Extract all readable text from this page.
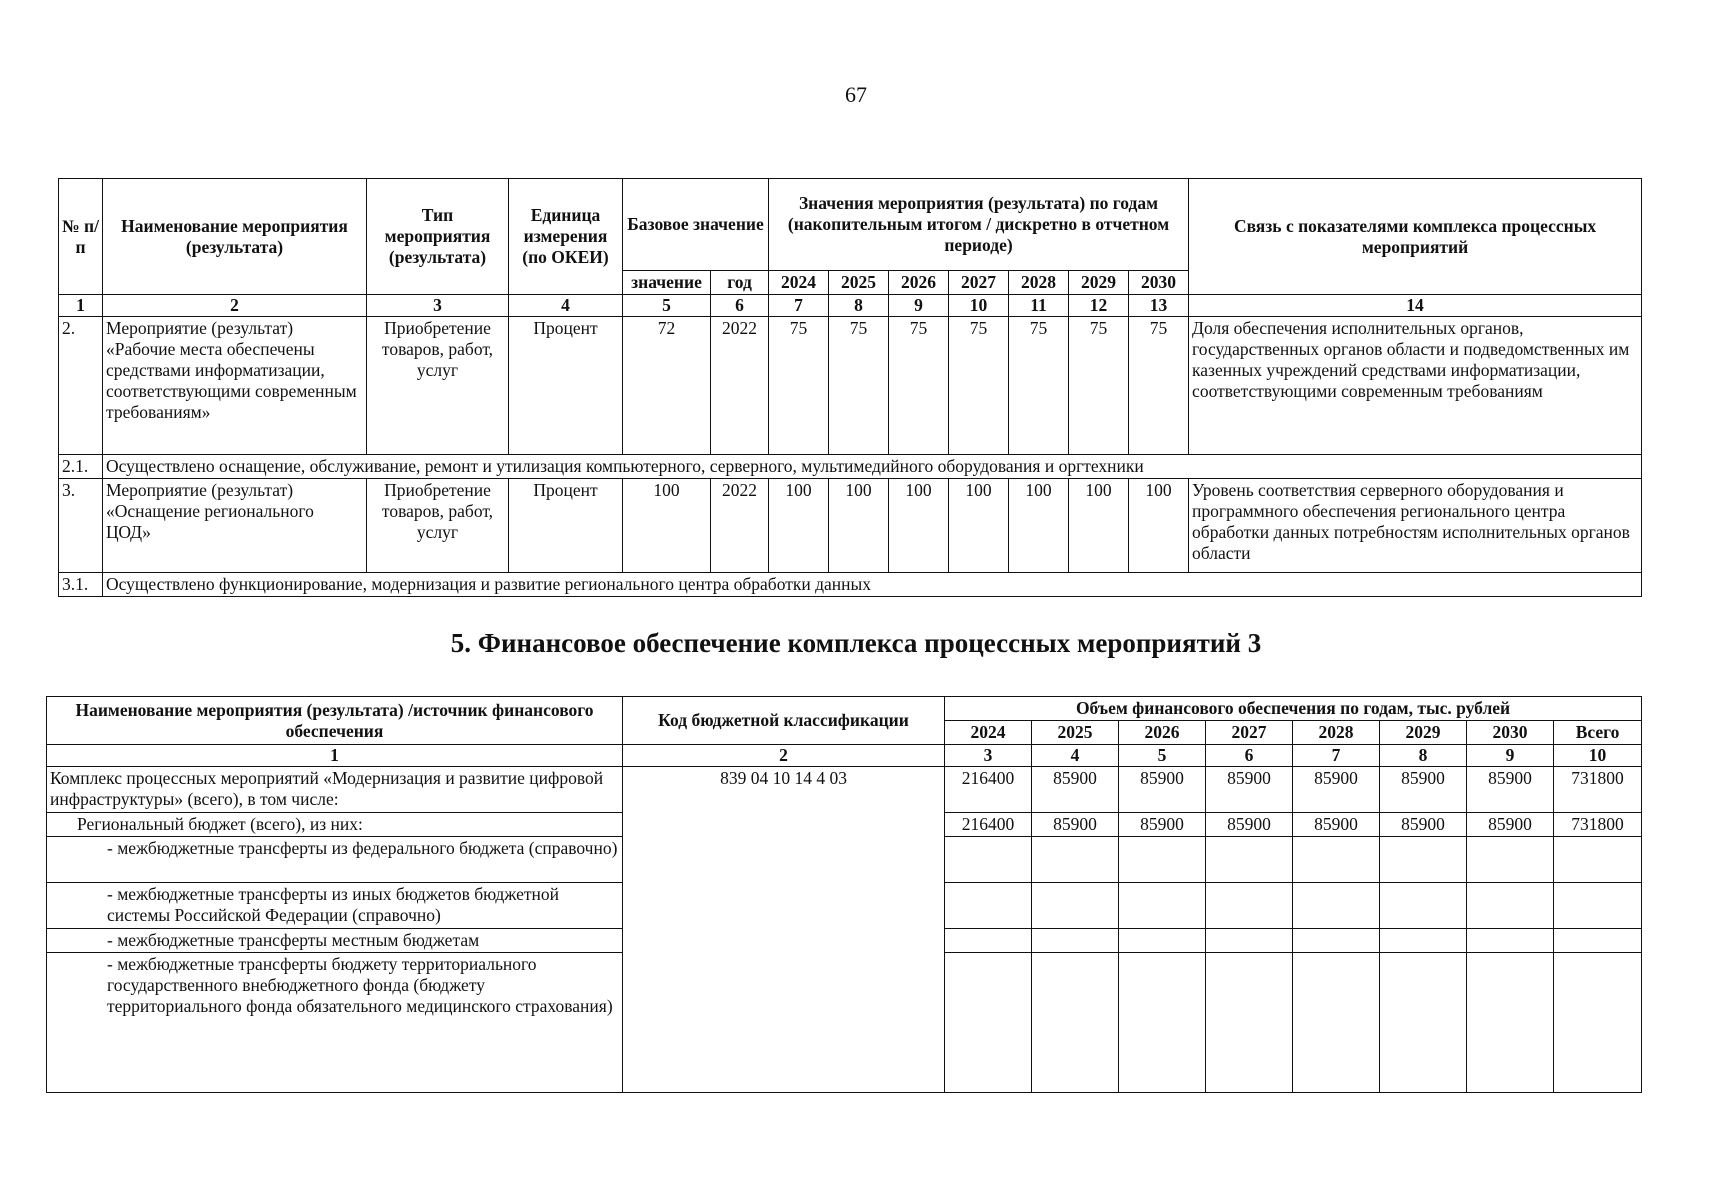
67
№ п/п	Наименование мероприятия (результата)	Тип мероприятия (результата)	Единица измерения (по ОКЕИ)	Базовое значение		Значения мероприятия (результата) по годам (накопительным итогом / дискретно в отчетном периоде)							Связь с показателями комплекса процессных мероприятий
				значение	год	2024	2025	2026	2027	2028	2029	2030	
1	2	3	4	5	6	7	8	9	10	11	12	13	14
2.	Мероприятие (результат) «Рабочие места обеспечены средствами информатизации, соответствующими современным требованиям»	Приобретение товаров, работ, услуг	Процент	72	2022	75	75	75	75	75	75	75	Доля обеспечения исполнительных органов, государственных органов области и подведомственных им казенных учреждений средствами информатизации, соответствующими современным требованиям
2.1.	Осуществлено оснащение, обслуживание, ремонт и утилизация компьютерного, серверного, мультимедийного оборудования и оргтехники												
3.	Мероприятие (результат) «Оснащение регионального ЦОД»	Приобретение товаров, работ, услуг	Процент	100	2022	100	100	100	100	100	100	100	Уровень соответствия серверного оборудования и программного обеспечения регионального центра обработки данных потребностям исполнительных органов области
3.1.	Осуществлено функционирование, модернизация и развитие регионального центра обработки данных												
5. Финансовое обеспечение комплекса процессных мероприятий 3
Наименование мероприятия (результата) /источник финансового обеспечения	Код бюджетной классификации	Объем финансового обеспечения по годам, тыс. рублей							
		2024	2025	2026	2027	2028	2029	2030	Всего
1	2	3	4	5	6	7	8	9	10
Комплекс процессных мероприятий «Модернизация и развитие цифровой инфраструктуры» (всего), в том числе:	839 04 10 14 4 03	216400	85900	85900	85900	85900	85900	85900	731800
Региональный бюджет (всего), из них:		216400	85900	85900	85900	85900	85900	85900	731800
- межбюджетные трансферты из федерального бюджета (справочно)									
- межбюджетные трансферты из иных бюджетов бюджетной системы Российской Федерации (справочно)									
- межбюджетные трансферты местным бюджетам									
- межбюджетные трансферты бюджету территориального государственного внебюджетного фонда (бюджету территориального фонда обязательного медицинского страхования)									
